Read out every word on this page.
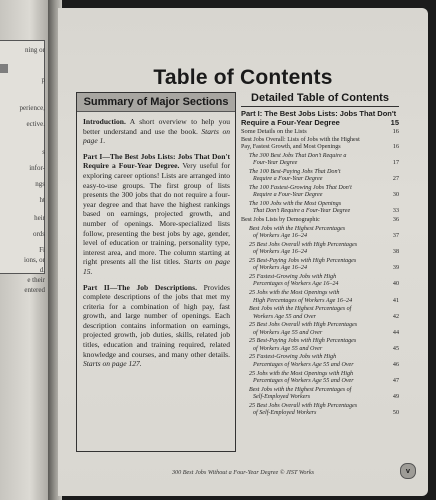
ning or
p
perience,
ective.
s
infor-
ngs
ht
heir
ords
Fi
ions, or
d.
e their
entered
Table of Contents
Summary of Major Sections

Introduction. A short overview to help you better understand and use the book. Starts on page 1.

Part I—The Best Jobs Lists: Jobs That Don't Require a Four-Year Degree. Very useful for exploring career options! Lists are arranged into easy-to-use groups. The first group of lists presents the 300 jobs that do not require a four-year degree and that have the highest rankings based on earnings, projected growth, and number of openings. More-specialized lists follow, presenting the best jobs by age, gender, level of education or training, personality type, interest area, and more. The column starting at right presents all the list titles. Starts on page 15.

Part II—The Job Descriptions. Provides complete descriptions of the jobs that met my criteria for a combination of high pay, fast growth, and large number of openings. Each description contains information on earnings, projected growth, job duties, skills, related job titles, education and training required, related knowledge and courses, and many other details. Starts on page 127.

Detailed Table of Contents
Part I: The Best Jobs Lists: Jobs That Don't Require a Four-Year Degree	15
Some Details on the Lists	16
Best Jobs Overall: Lists of Jobs with the Highest
Pay, Fastest Growth, and Most Openings	16
The 300 Best Jobs That Don't Require a
Four-Year Degree	17
The 100 Best-Paying Jobs That Don't
Require a Four-Year Degree	27
The 100 Fastest-Growing Jobs That Don't
Require a Four-Year Degree	30
The 100 Jobs with the Most Openings
That Don't Require a Four-Year Degree	33
Best Jobs Lists by Demographic	36
Best Jobs with the Highest Percentages
of Workers Age 16–24	37
25 Best Jobs Overall with High Percentages
of Workers Age 16–24	38
25 Best-Paying Jobs with High Percentages
of Workers Age 16–24	39
25 Fastest-Growing Jobs with High
Percentages of Workers Age 16–24	40
25 Jobs with the Most Openings with
High Percentages of Workers Age 16–24	41
Best Jobs with the Highest Percentages of
Workers Age 55 and Over	42
25 Best Jobs Overall with High Percentages
of Workers Age 55 and Over	44
25 Best-Paying Jobs with High Percentages
of Workers Age 55 and Over	45
25 Fastest-Growing Jobs with High
Percentages of Workers Age 55 and Over	46
25 Jobs with the Most Openings with High
Percentages of Workers Age 55 and Over	47
Best Jobs with the Highest Percentages of
Self-Employed Workers	49
25 Best Jobs Overall with High Percentages
of Self-Employed Workers	50
300 Best Jobs Without a Four-Year Degree © JIST Works	v
